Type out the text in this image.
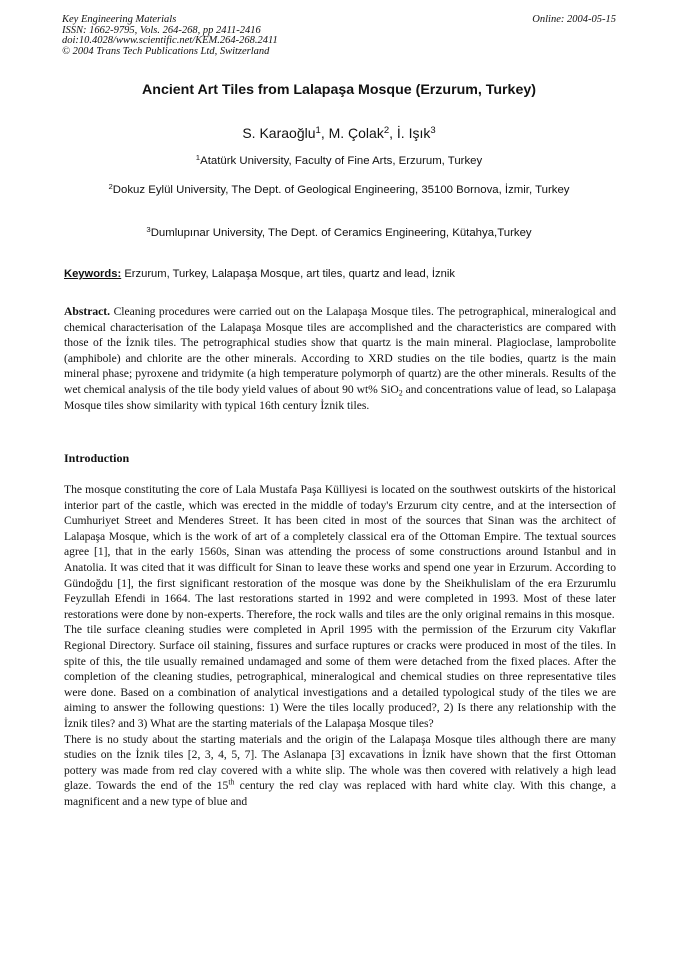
Key Engineering Materials
ISSN: 1662-9795, Vols. 264-268, pp 2411-2416
doi:10.4028/www.scientific.net/KEM.264-268.2411
© 2004 Trans Tech Publications Ltd, Switzerland
Online: 2004-05-15
Ancient Art Tiles from Lalapaşa Mosque (Erzurum, Turkey)
S. Karaoğlu$^1$, M. Çolak$^2$, İ. Işık$^3$
$^1$Atatürk University, Faculty of Fine Arts, Erzurum, Turkey
$^2$Dokuz Eylül University, The Dept. of Geological Engineering, 35100 Bornova, İzmir, Turkey
$^3$Dumlupınar University, The Dept. of Ceramics Engineering, Kütahya,Turkey
Keywords: Erzurum, Turkey, Lalapaşa Mosque, art tiles, quartz and lead, İznik

Abstract. Cleaning procedures were carried out on the Lalapaşa Mosque tiles. The petrographical, mineralogical and chemical characterisation of the Lalapaşa Mosque tiles are accomplished and the characteristics are compared with those of the İznik tiles. The petrographical studies show that quartz is the main mineral. Plagioclase, lamprobolite (amphibole) and chlorite are the other minerals. According to XRD studies on the tile bodies, quartz is the main mineral phase; pyroxene and tridymite (a high temperature polymorph of quartz) are the other minerals. Results of the wet chemical analysis of the tile body yield values of about 90 wt% SiO$_2$ and concentrations value of lead, so Lalapaşa Mosque tiles show similarity with typical 16th century İznik tiles.

Introduction

The mosque constituting the core of Lala Mustafa Paşa Külliyesi is located on the southwest outskirts of the historical interior part of the castle, which was erected in the middle of today's Erzurum city centre, and at the intersection of Cumhuriyet Street and Menderes Street. It has been cited in most of the sources that Sinan was the architect of Lalapaşa Mosque, which is the work of art of a completely classical era of the Ottoman Empire. The textual sources agree [1], that in the early 1560s, Sinan was attending the process of some constructions around Istanbul and in Anatolia. It was cited that it was difficult for Sinan to leave these works and spend one year in Erzurum. According to Gündoğdu [1], the first significant restoration of the mosque was done by the Sheikhulislam of the era Erzurumlu Feyzullah Efendi in 1664. The last restorations started in 1992 and were completed in 1993. Most of these later restorations were done by non-experts. Therefore, the rock walls and tiles are the only original remains in this mosque.

The tile surface cleaning studies were completed in April 1995 with the permission of the Erzurum city Vakıflar Regional Directory. Surface oil staining, fissures and surface ruptures or cracks were produced in most of the tiles. In spite of this, the tile usually remained undamaged and some of them were detached from the fixed places. After the completion of the cleaning studies, petrographical, mineralogical and chemical studies on three representative tiles were done. Based on a combination of analytical investigations and a detailed typological study of the tiles we are aiming to answer the following questions: 1) Were the tiles locally produced?, 2) Is there any relationship with the İznik tiles? and 3) What are the starting materials of the Lalapaşa Mosque tiles?

There is no study about the starting materials and the origin of the Lalapaşa Mosque tiles although there are many studies on the İznik tiles [2, 3, 4, 5, 7]. The Aslanapa [3] excavations in İznik have shown that the first Ottoman pottery was made from red clay covered with a white slip. The whole was then covered with relatively a high lead glaze. Towards the end of the 15th century the red clay was replaced with hard white clay. With this change, a magnificent and a new type of blue and
